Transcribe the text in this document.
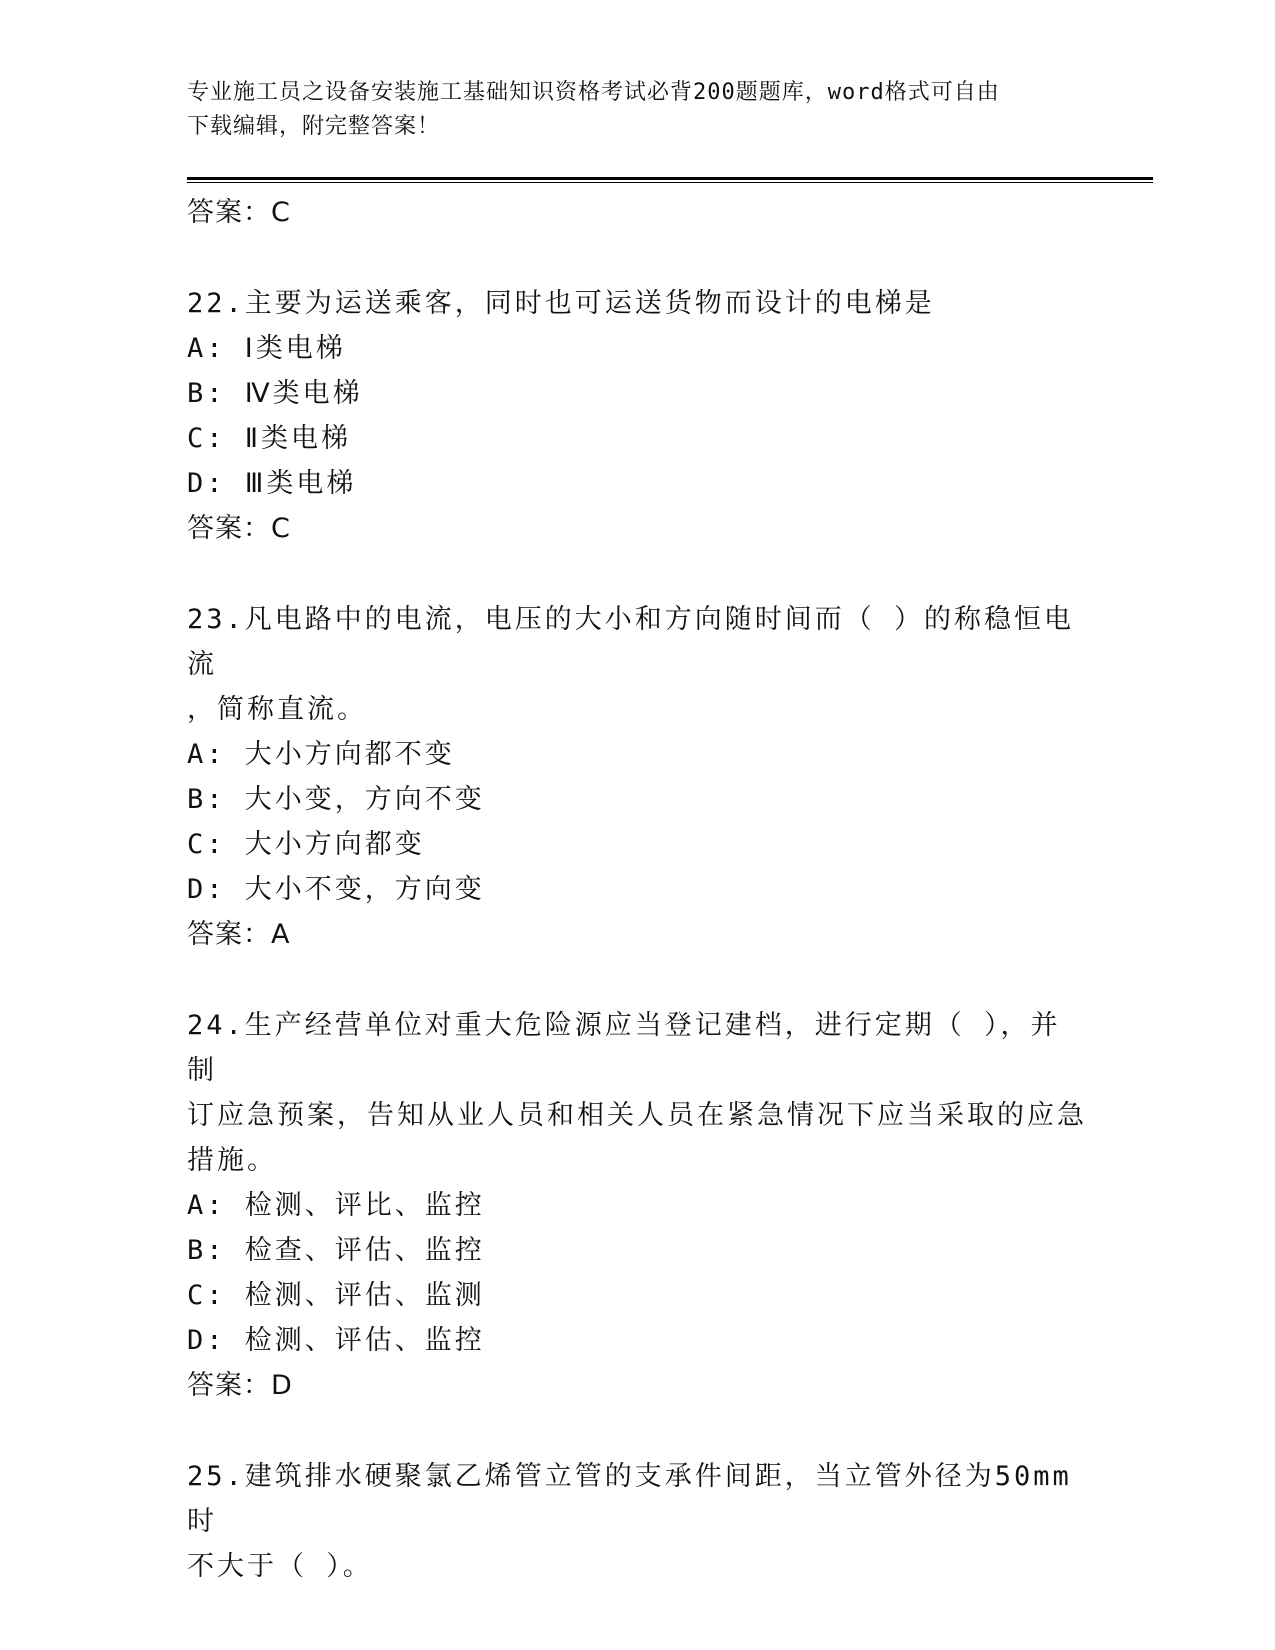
专业施工员之设备安装施工基础知识资格考试必背200题题库，word格式可自由
下载编辑，附完整答案！
答案：C
22.主要为运送乘客，同时也可运送货物而设计的电梯是
A: Ⅰ类电梯
B: Ⅳ类电梯
C: Ⅱ类电梯
D: Ⅲ类电梯
答案：C
23.凡电路中的电流，电压的大小和方向随时间而（ ）的称稳恒电流
，简称直流。
A: 大小方向都不变
B: 大小变，方向不变
C: 大小方向都变
D: 大小不变，方向变
答案：A
24.生产经营单位对重大危险源应当登记建档，进行定期（ ），并制
订应急预案，告知从业人员和相关人员在紧急情况下应当采取的应急
措施。
A: 检测、评比、监控
B: 检查、评估、监控
C: 检测、评估、监测
D: 检测、评估、监控
答案：D
25.建筑排水硬聚氯乙烯管立管的支承件间距，当立管外径为50mm时
不大于（ ）。
